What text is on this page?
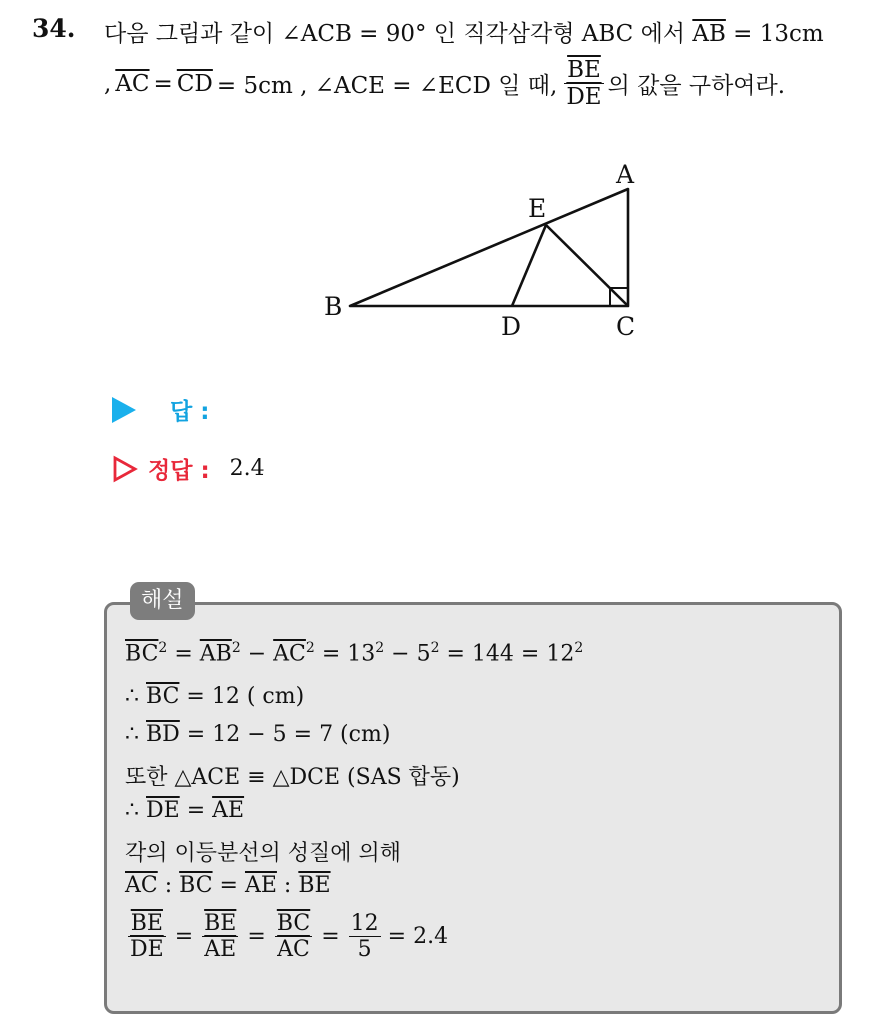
34. 다음 그림과 같이 ∠ACB = 90° 인 직각삼각형 ABC 에서 $\overline{AB} = 13cm$
, $\overline{AC} = \overline{CD} = 5cm$ , ∠ACE = ∠ECD 일 때, $\frac{\overline{BE}}{DE}$ 의 값을 구하여라.
A
B
C
D
E
답 :
정답 : 2.4
해설
$\overline{BC}^2 = \overline{AB}^2 - \overline{AC}^2 = 13^2 - 5^2 = 144 = 12^2$
∴ $\overline{BC} = 12$ ( cm)
∴ $\overline{BD} = 12 - 5 = 7$ (cm)
또한 △ACE ≡ △DCE (SAS 합동)
∴ $\overline{DE} = \overline{AE}$
각의 이등분선의 성질에 의해
$\overline{AC}$ : $\overline{BC} = \overline{AE}$ : $\overline{BE}$
$\frac{\overline{BE}}{DE} = \frac{\overline{BE}}{AE} = \frac{\overline{BC}}{AC} = \frac{12}{5} = 2.4$
